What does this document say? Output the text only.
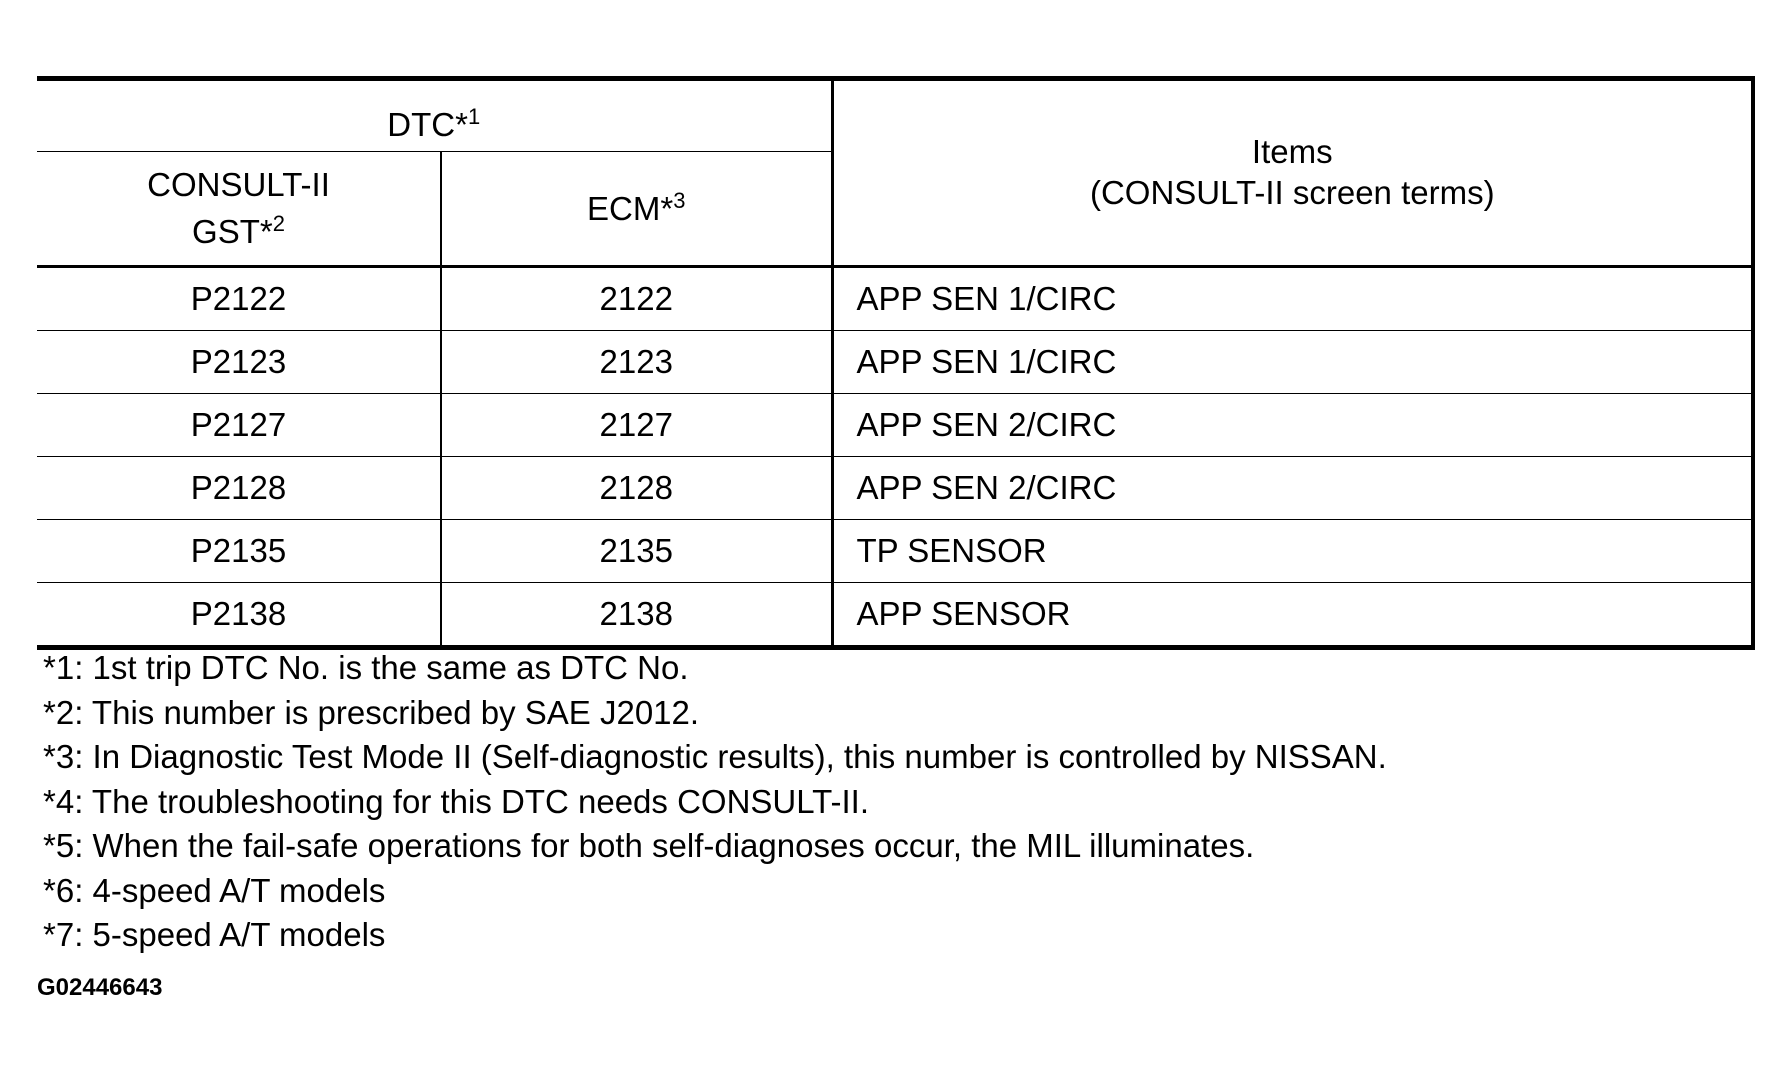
DTC*$^1$		Items
(CONSULT-II screen terms)

CONSULT-II
GST*$^2$	ECM*$^3$
P2122	2122	APP SEN 1/CIRC
P2123	2123	APP SEN 1/CIRC
P2127	2127	APP SEN 2/CIRC
P2128	2128	APP SEN 2/CIRC
P2135	2135	TP SENSOR
P2138	2138	APP SENSOR
*1: 1st trip DTC No. is the same as DTC No.
*2: This number is prescribed by SAE J2012.
*3: In Diagnostic Test Mode II (Self-diagnostic results), this number is controlled by NISSAN.
*4: The troubleshooting for this DTC needs CONSULT-II.
*5: When the fail-safe operations for both self-diagnoses occur, the MIL illuminates.
*6: 4-speed A/T models
*7: 5-speed A/T models
G02446643
